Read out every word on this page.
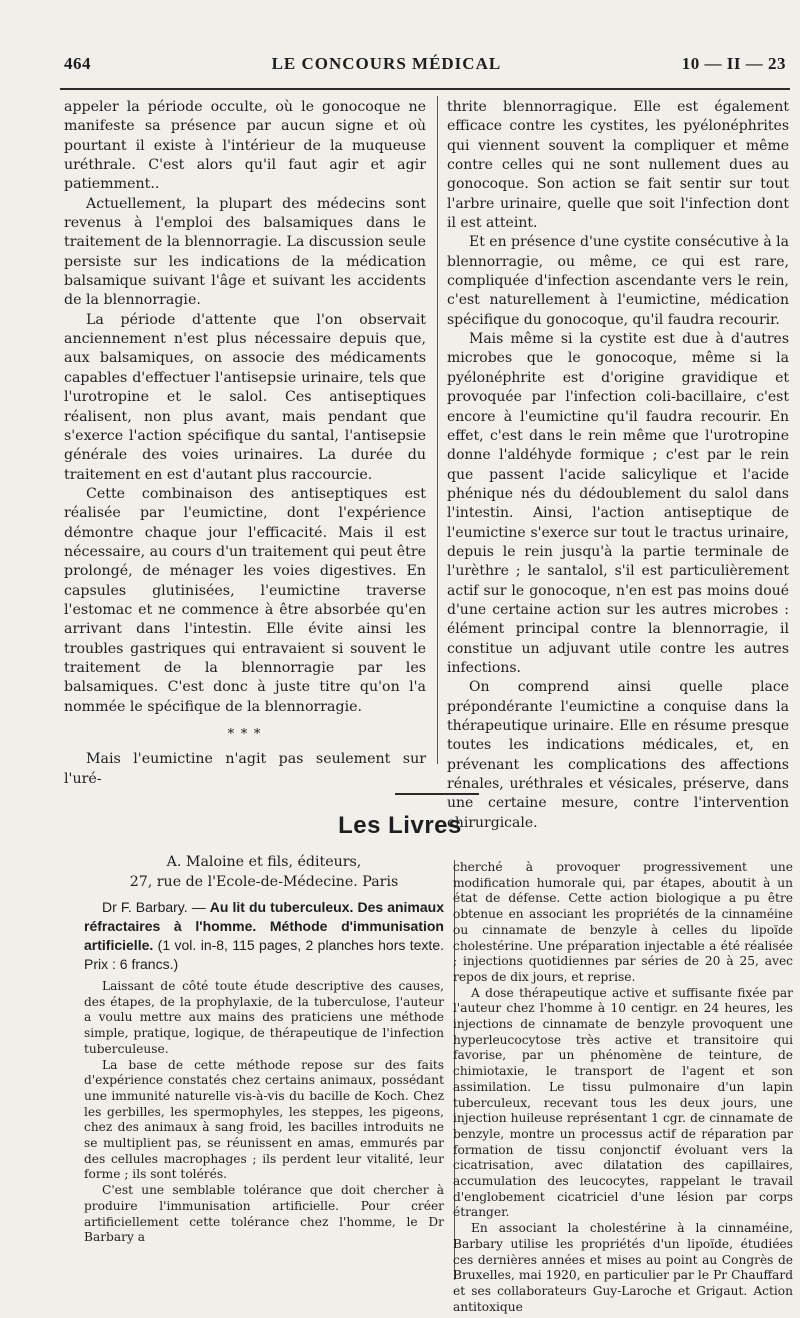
464	LE CONCOURS MÉDICAL	10 — II — 23

appeler la période occulte, où le gonocoque ne manifeste sa présence par aucun signe et où pourtant il existe à l'intérieur de la muqueuse uréthrale. C'est alors qu'il faut agir et agir patiemment..

Actuellement, la plupart des médecins sont revenus à l'emploi des balsamiques dans le traitement de la blennorragie. La discussion seule persiste sur les indications de la médication balsamique suivant l'âge et suivant les accidents de la blennorragie.

La période d'attente que l'on observait anciennement n'est plus nécessaire depuis que, aux balsamiques, on associe des médicaments capables d'effectuer l'antisepsie urinaire, tels que l'urotropine et le salol. Ces antiseptiques réalisent, non plus avant, mais pendant que s'exerce l'action spécifique du santal, l'antisepsie générale des voies urinaires. La durée du traitement en est d'autant plus raccourcie.

Cette combinaison des antiseptiques est réalisée par l'eumictine, dont l'expérience démontre chaque jour l'efficacité. Mais il est nécessaire, au cours d'un traitement qui peut être prolongé, de ménager les voies digestives. En capsules glutinisées, l'eumictine traverse l'estomac et ne commence à être absorbée qu'en arrivant dans l'intestin. Elle évite ainsi les troubles gastriques qui entravaient si souvent le traitement de la blennorragie par les balsamiques. C'est donc à juste titre qu'on l'a nommée le spécifique de la blennorragie.

* * *

Mais l'eumictine n'agit pas seulement sur l'uré-

thrite blennorragique. Elle est également efficace contre les cystites, les pyélonéphrites qui viennent souvent la compliquer et même contre celles qui ne sont nullement dues au gonocoque. Son action se fait sentir sur tout l'arbre urinaire, quelle que soit l'infection dont il est atteint.

Et en présence d'une cystite consécutive à la blennorragie, ou même, ce qui est rare, compliquée d'infection ascendante vers le rein, c'est naturellement à l'eumictine, médication spécifique du gonocoque, qu'il faudra recourir.

Mais même si la cystite est due à d'autres microbes que le gonocoque, même si la pyélonéphrite est d'origine gravidique et provoquée par l'infection coli-bacillaire, c'est encore à l'eumictine qu'il faudra recourir. En effet, c'est dans le rein même que l'urotropine donne l'aldéhyde formique ; c'est par le rein que passent l'acide salicylique et l'acide phénique nés du dédoublement du salol dans l'intestin. Ainsi, l'action antiseptique de l'eumictine s'exerce sur tout le tractus urinaire, depuis le rein jusqu'à la partie terminale de l'urèthre ; le santalol, s'il est particulièrement actif sur le gonocoque, n'en est pas moins doué d'une certaine action sur les autres microbes : élément principal contre la blennorragie, il constitue un adjuvant utile contre les autres infections.

On comprend ainsi quelle place prépondérante l'eumictine a conquise dans la thérapeutique urinaire. Elle en résume presque toutes les indications médicales, et, en prévenant les complications des affections rénales, uréthrales et vésicales, préserve, dans une certaine mesure, contre l'intervention chirurgicale.

Les Livres

A. Maloine et fils, éditeurs,

27, rue de l'Ecole-de-Médecine. Paris

Dr F. Barbary. — Au lit du tuberculeux. Des animaux réfractaires à l'homme. Méthode d'immunisation artificielle. (1 vol. in-8, 115 pages, 2 planches hors texte. Prix : 6 francs.)

Laissant de côté toute étude descriptive des causes, des étapes, de la prophylaxie, de la tuberculose, l'auteur a voulu mettre aux mains des praticiens une méthode simple, pratique, logique, de thérapeutique de l'infection tuberculeuse.

La base de cette méthode repose sur des faits d'expérience constatés chez certains animaux, possédant une immunité naturelle vis-à-vis du bacille de Koch. Chez les gerbilles, les spermophyles, les steppes, les pigeons, chez des animaux à sang froid, les bacilles introduits ne se multiplient pas, se réunissent en amas, emmurés par des cellules macrophages ; ils perdent leur vitalité, leur forme ; ils sont tolérés.

C'est une semblable tolérance que doit chercher à produire l'immunisation artificielle. Pour créer artificiellement cette tolérance chez l'homme, le Dr Barbary a

cherché à provoquer progressivement une modification humorale qui, par étapes, aboutit à un état de défense. Cette action biologique a pu être obtenue en associant les propriétés de la cinnaméine ou cinnamate de benzyle à celles du lipoïde cholestérine. Une préparation injectable a été réalisée ; injections quotidiennes par séries de 20 à 25, avec repos de dix jours, et reprise.

A dose thérapeutique active et suffisante fixée par l'auteur chez l'homme à 10 centigr. en 24 heures, les injections de cinnamate de benzyle provoquent une hyperleucocytose très active et transitoire qui favorise, par un phénomène de teinture, de chimiotaxie, le transport de l'agent et son assimilation. Le tissu pulmonaire d'un lapin tuberculeux, recevant tous les deux jours, une injection huileuse représentant 1 cgr. de cinnamate de benzyle, montre un processus actif de réparation par formation de tissu conjonctif évoluant vers la cicatrisation, avec dilatation des capillaires, accumulation des leucocytes, rappelant le travail d'englobement cicatriciel d'une lésion par corps étranger.

En associant la cholestérine à la cinnaméine, Barbary utilise les propriétés d'un lipoïde, étudiées ces dernières années et mises au point au Congrès de Bruxelles, mai 1920, en particulier par le Pr Chauffard et ses collaborateurs Guy-Laroche et Grigaut. Action antitoxique
